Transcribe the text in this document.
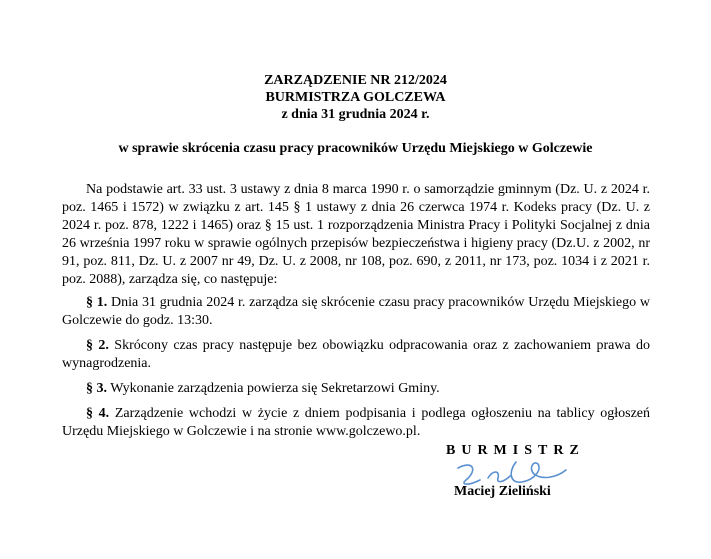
ZARZĄDZENIE NR 212/2024
BURMISTRZA GOLCZEWA
z dnia 31 grudnia 2024 r.
w sprawie skrócenia czasu pracy pracowników Urzędu Miejskiego w Golczewie
Na podstawie art. 33 ust. 3 ustawy z dnia 8 marca 1990 r. o samorządzie gminnym (Dz. U. z 2024 r. poz. 1465 i 1572) w związku z art. 145 § 1 ustawy z dnia 26 czerwca 1974 r. Kodeks pracy (Dz. U. z 2024 r. poz. 878, 1222 i 1465) oraz § 15 ust. 1 rozporządzenia Ministra Pracy i Polityki Socjalnej z dnia 26 września 1997 roku w sprawie ogólnych przepisów bezpieczeństwa i higieny pracy (Dz.U. z 2002, nr 91, poz. 811, Dz. U. z 2007 nr 49, Dz. U. z 2008, nr 108, poz. 690, z 2011, nr 173, poz. 1034 i z 2021 r. poz. 2088), zarządza się, co następuje:
§ 1. Dnia 31 grudnia 2024 r. zarządza się skrócenie czasu pracy pracowników Urzędu Miejskiego w Golczewie do godz. 13:30.
§ 2. Skrócony czas pracy następuje bez obowiązku odpracowania oraz z zachowaniem prawa do wynagrodzenia.
§ 3. Wykonanie zarządzenia powierza się Sekretarzowi Gminy.
§ 4. Zarządzenie wchodzi w życie z dniem podpisania i podlega ogłoszeniu na tablicy ogłoszeń Urzędu Miejskiego w Golczewie i na stronie www.golczewo.pl.
BURMISTRZ
Maciej Zieliński
